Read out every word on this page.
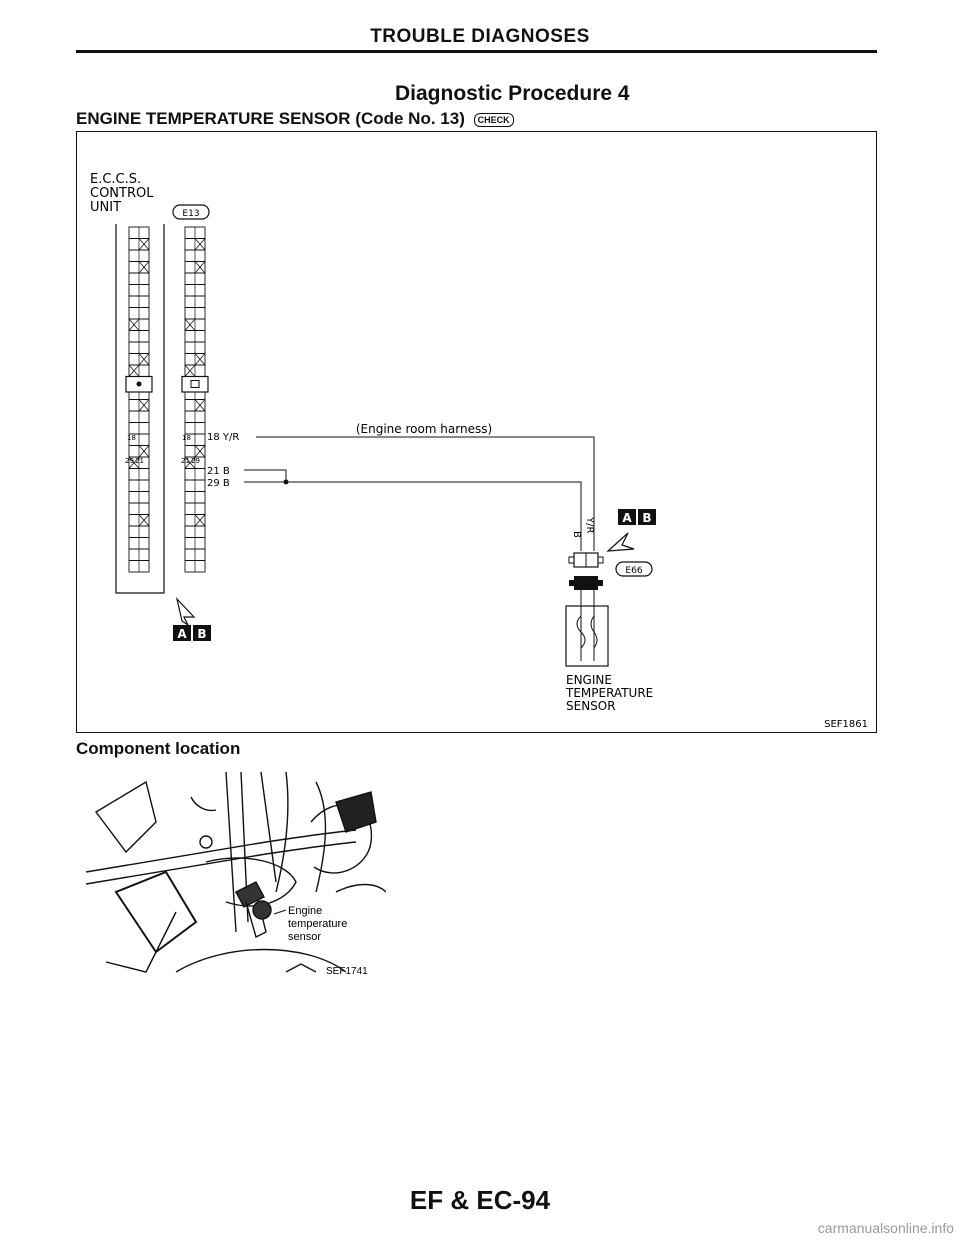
TROUBLE DIAGNOSES
Diagnostic Procedure 4
ENGINE TEMPERATURE SENSOR (Code No. 13) CHECK
E.C.C.S.
CONTROL
UNIT	E13
18
29 21
18
21 29
18 Y/R
21 B
29 B
(Engine room harness)
Y/R
B
E66
A B
ENGINE
TEMPERATURE
SENSOR
A B
SEF1861
Component location
Engine
temperature
sensor
SEF1741
EF & EC-94
carmanualsonline.info
